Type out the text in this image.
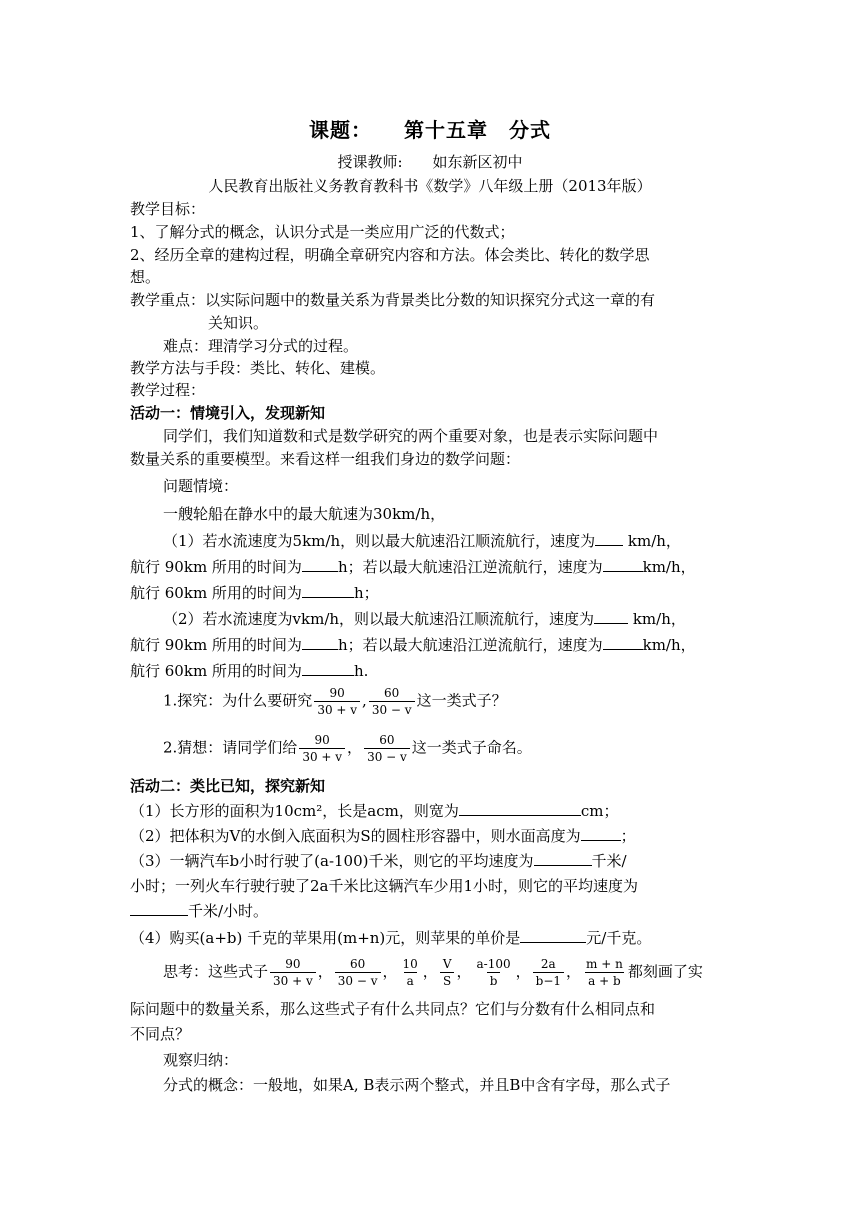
课题：　　第十五章　分式
授课教师:　　如东新区初中
人民教育出版社义务教育教科书《数学》八年级上册（2013年版）
教学目标：
1、了解分式的概念，认识分式是一类应用广泛的代数式；
2、经历全章的建构过程，明确全章研究内容和方法。体会类比、转化的数学思
想。
教学重点：以实际问题中的数量关系为背景类比分数的知识探究分式这一章的有
关知识。
难点：理清学习分式的过程。
教学方法与手段：类比、转化、建模。
教学过程：
活动一：情境引入，发现新知
同学们，我们知道数和式是数学研究的两个重要对象，也是表示实际问题中
数量关系的重要模型。来看这样一组我们身边的数学问题：
问题情境：
一艘轮船在静水中的最大航速为30km/h，
（1）若水流速度为5km/h，则以最大航速沿江顺流航行，速度为 km/h，
航行 90km 所用的时间为 h；若以最大航速沿江逆流航行，速度为	km/h，
航行 60km 所用的时间为	h；
（2）若水流速度为vkm/h，则以最大航速沿江顺流航行，速度为	km/h，
航行 90km 所用的时间为 h；若以最大航速沿江逆流航行，速度为	km/h，
航行 60km 所用的时间为	h.
1.探究：为什么要研究 $\frac{90}{30 + v}$ , $\frac{60}{30 - v}$ 这一类式子？
2.猜想：请同学们给 $\frac{90}{30 + v}$ ， $\frac{60}{30 - v}$ 这一类式子命名。
活动二：类比已知，探究新知
（1）长方形的面积为10cm²，长是acm，则宽为	cm；
（2）把体积为V的水倒入底面积为S的圆柱形容器中，则水面高度为	；
（3）一辆汽车b小时行驶了(a-100)千米，则它的平均速度为	千米/
小时；一列火车行驶行驶了2a千米比这辆汽车少用1小时，则它的平均速度为
千米/小时。
（4）购买(a+b) 千克的苹果用(m+n)元，则苹果的单价是	元/千克。
思考：这些式子 $\frac{90}{30 + v}$ ， $\frac{60}{30 - v}$ ， $\frac{10}{a}$ ， $\frac{V}{S}$ ， $\frac{a-100}{b}$ ， $\frac{2a}{b-1}$ ， $\frac{m + n}{a + b}$ 都刻画了实
际问题中的数量关系，那么这些式子有什么共同点？它们与分数有什么相同点和
不同点？
观察归纳：
分式的概念：一般地，如果A, B表示两个整式，并且B中含有字母，那么式子
